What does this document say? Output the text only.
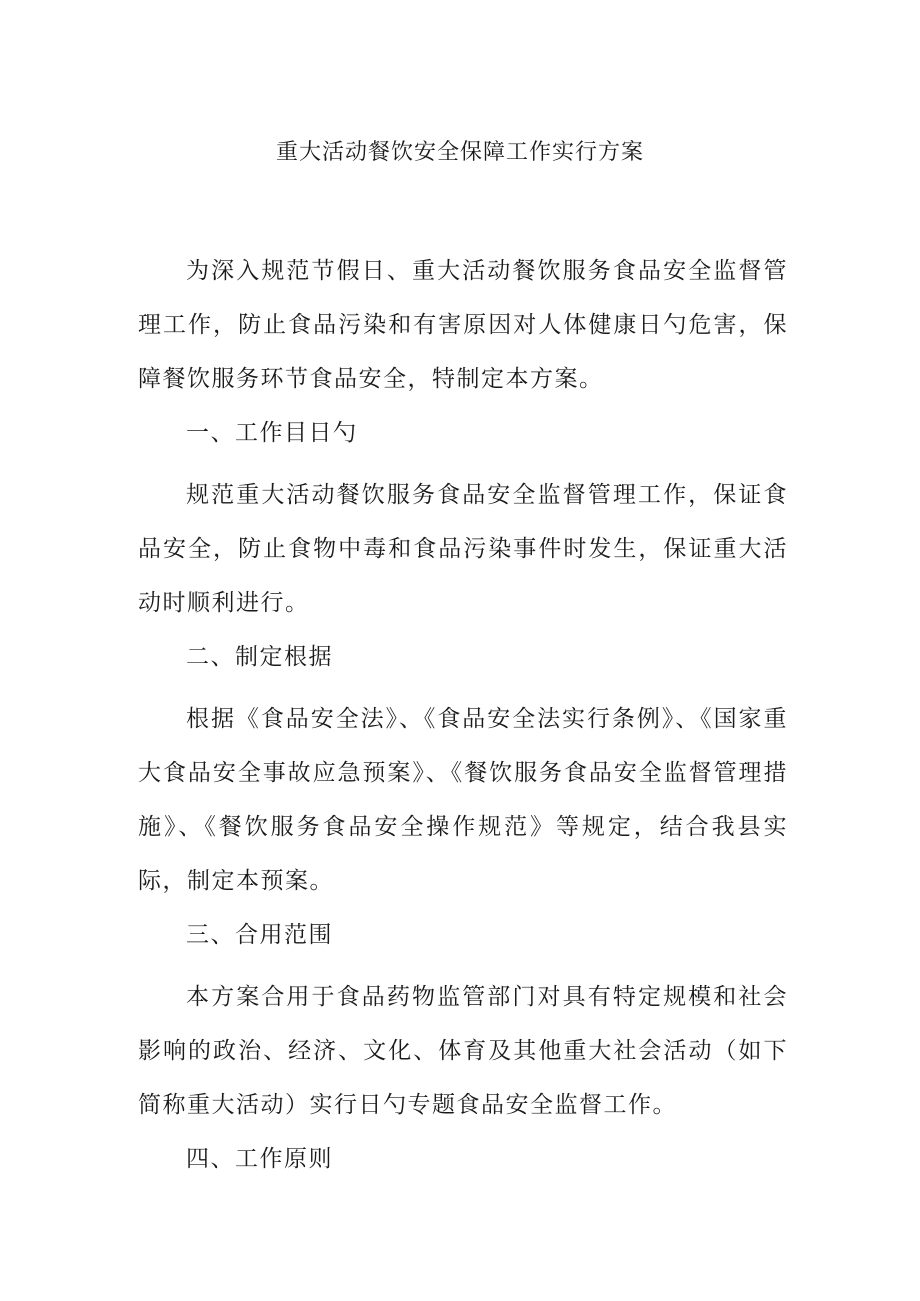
重大活动餐饮安全保障工作实行方案

为深入规范节假日、重大活动餐饮服务食品安全监督管理工作，防止食品污染和有害原因对人体健康日勺危害，保障餐饮服务环节食品安全，特制定本方案。

一、工作目日勺

规范重大活动餐饮服务食品安全监督管理工作，保证食品安全，防止食物中毒和食品污染事件时发生，保证重大活动时顺利进行。

二、制定根据

根据《食品安全法》、《食品安全法实行条例》、《国家重大食品安全事故应急预案》、《餐饮服务食品安全监督管理措施》、《餐饮服务食品安全操作规范》等规定，结合我县实际，制定本预案。

三、合用范围

本方案合用于食品药物监管部门对具有特定规模和社会影响的政治、经济、文化、体育及其他重大社会活动（如下简称重大活动）实行日勺专题食品安全监督工作。

四、工作原则
